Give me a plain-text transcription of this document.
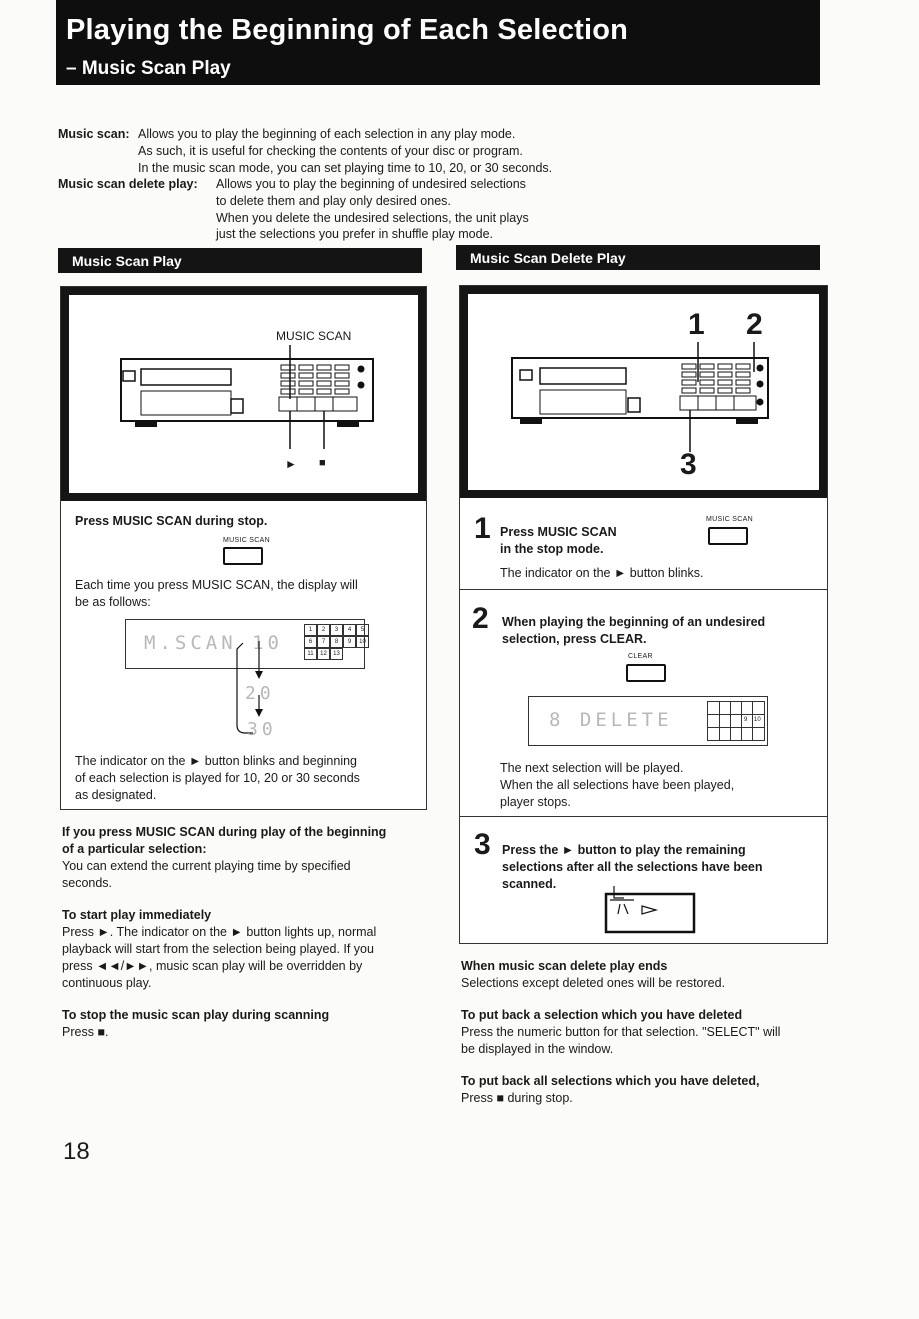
Playing the Beginning of Each Selection
– Music Scan Play
Music scan: Allows you to play the beginning of each selection in any play mode.
As such, it is useful for checking the contents of your disc or program.
In the music scan mode, you can set playing time to 10, 20, or 30 seconds.
Music scan delete play: Allows you to play the beginning of undesired selections
to delete them and play only desired ones.
When you delete the undesired selections, the unit plays
just the selections you prefer in shuffle play mode.
Music Scan Play	Music Scan Delete Play
MUSIC SCAN
► ■
Press MUSIC SCAN during stop.
MUSIC SCAN
Each time you press MUSIC SCAN, the display will
be as follows:
M.SCAN 10
1	2	3	4	5
6	7	8	9	10
11	12	13
20
30
The indicator on the ► button blinks and beginning
of each selection is played for 10, 20 or 30 seconds
as designated.
If you press MUSIC SCAN during play of the beginning
of a particular selection:
You can extend the current playing time by specified
seconds.
To start play immediately
Press ►. The indicator on the ► button lights up, normal
playback will start from the selection being played. If you
press ◄◄/►►, music scan play will be overridden by
continuous play.
To stop the music scan play during scanning
Press ■.
1 2
3
1 Press MUSIC SCAN
in the stop mode.
MUSIC SCAN
The indicator on the ► button blinks.
2 When playing the beginning of an undesired
selection, press CLEAR.
CLEAR
8 DELETE	9 10
The next selection will be played.
When the all selections have been played,
player stops.
3 Press the ► button to play the remaining
selections after all the selections have been
scanned.
When music scan delete play ends
Selections except deleted ones will be restored.
To put back a selection which you have deleted
Press the numeric button for that selection. "SELECT" will
be displayed in the window.
To put back all selections which you have deleted,
Press ■ during stop.
18
